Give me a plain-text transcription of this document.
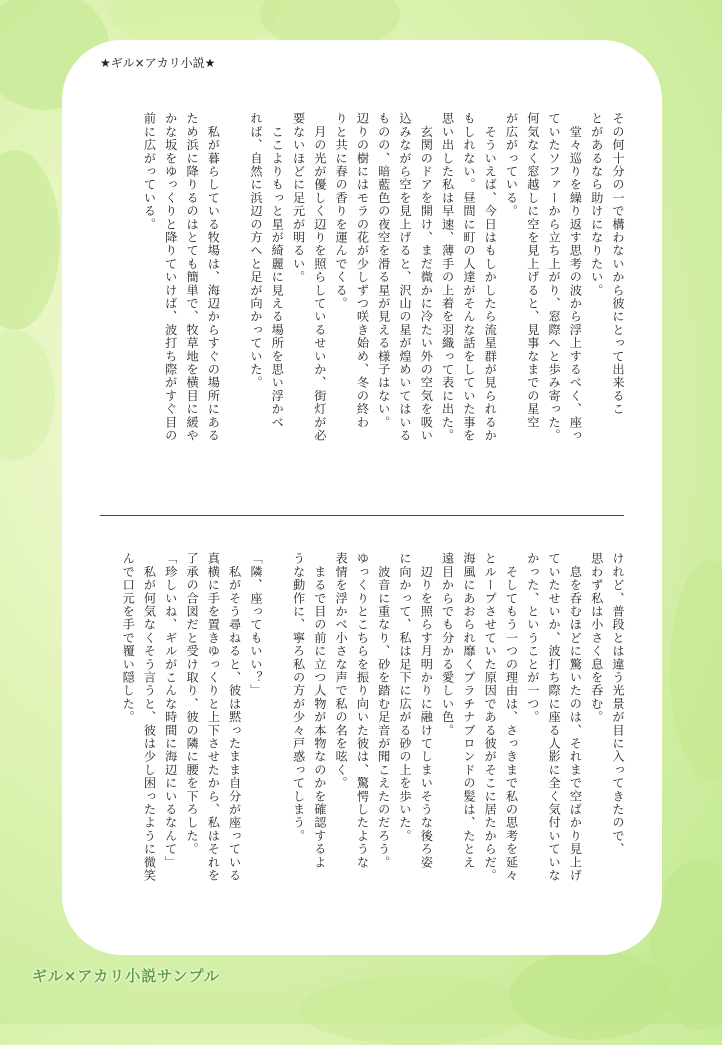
★ギル×アカリ小説★

その何十分の一で構わないから彼にとって出来るこ

とがあるなら助けになりたい。

　堂々巡りを繰り返す思考の波から浮上するべく、座っ

ていたソファーから立ち上がり、窓際へと歩み寄った。

何気なく窓越しに空を見上げると、見事なまでの星空

が広がっている。

　そういえば、今日はもしかしたら流星群が見られるか

もしれない。昼間に町の人達がそんな話をしていた事を

思い出した私は早速、薄手の上着を羽織って表に出た。

　玄関のドアを開け、まだ微かに冷たい外の空気を吸い

込みながら空を見上げると、沢山の星が煌めいてはいる

ものの、暗藍色の夜空を滑る星が見える様子はない。

辺りの樹にはモラの花が少しずつ咲き始め、冬の終わ

りと共に春の香りを運んでくる。

　月の光が優しく辺りを照らしているせいか、街灯が必

要ないほどに足元が明るい。

　ここよりもっと星が綺麗に見える場所を思い浮かべ

れば、自然に浜辺の方へと足が向かっていた。

　私が暮らしている牧場は、海辺からすぐの場所にある

ため浜に降りるのはとても簡単で、牧草地を横目に緩や

かな坂をゆっくりと降りていけば、波打ち際がすぐ目の

前に広がっている。

けれど、普段とは違う光景が目に入ってきたので、

思わず私は小さく息を呑む。

　息を呑むほどに驚いたのは、それまで空ばかり見上げ

ていたせいか、波打ち際に座る人影に全く気付いていな

かった、ということが一つ。

　そしてもう一つの理由は、さっきまで私の思考を延々

とループさせていた原因である彼がそこに居たからだ。

海風にあおられ靡くプラチナブロンドの髪は、たとえ

遠目からでも分かる愛しい色。

　辺りを照らす月明かりに融けてしまいそうな後ろ姿

に向かって、私は足下に広がる砂の上を歩いた。

　波音に重なり、砂を踏む足音が聞こえたのだろう。

ゆっくりとこちらを振り向いた彼は、驚愕したような

表情を浮かべ小さな声で私の名を呟く。

　まるで目の前に立つ人物が本物なのかを確認するよ

うな動作に、寧ろ私の方が少々戸惑ってしまう。

「隣、座ってもいい？」

　私がそう尋ねると、彼は黙ったまま自分が座っている

真横に手を置きゆっくりと上下させたから、私はそれを

了承の合図だと受け取り、彼の隣に腰を下ろした。

「珍しいね、ギルがこんな時間に海辺にいるなんて」

　私が何気なくそう言うと、彼は少し困ったように微笑

んで口元を手で覆い隠した。

ギル×アカリ小説サンプル
